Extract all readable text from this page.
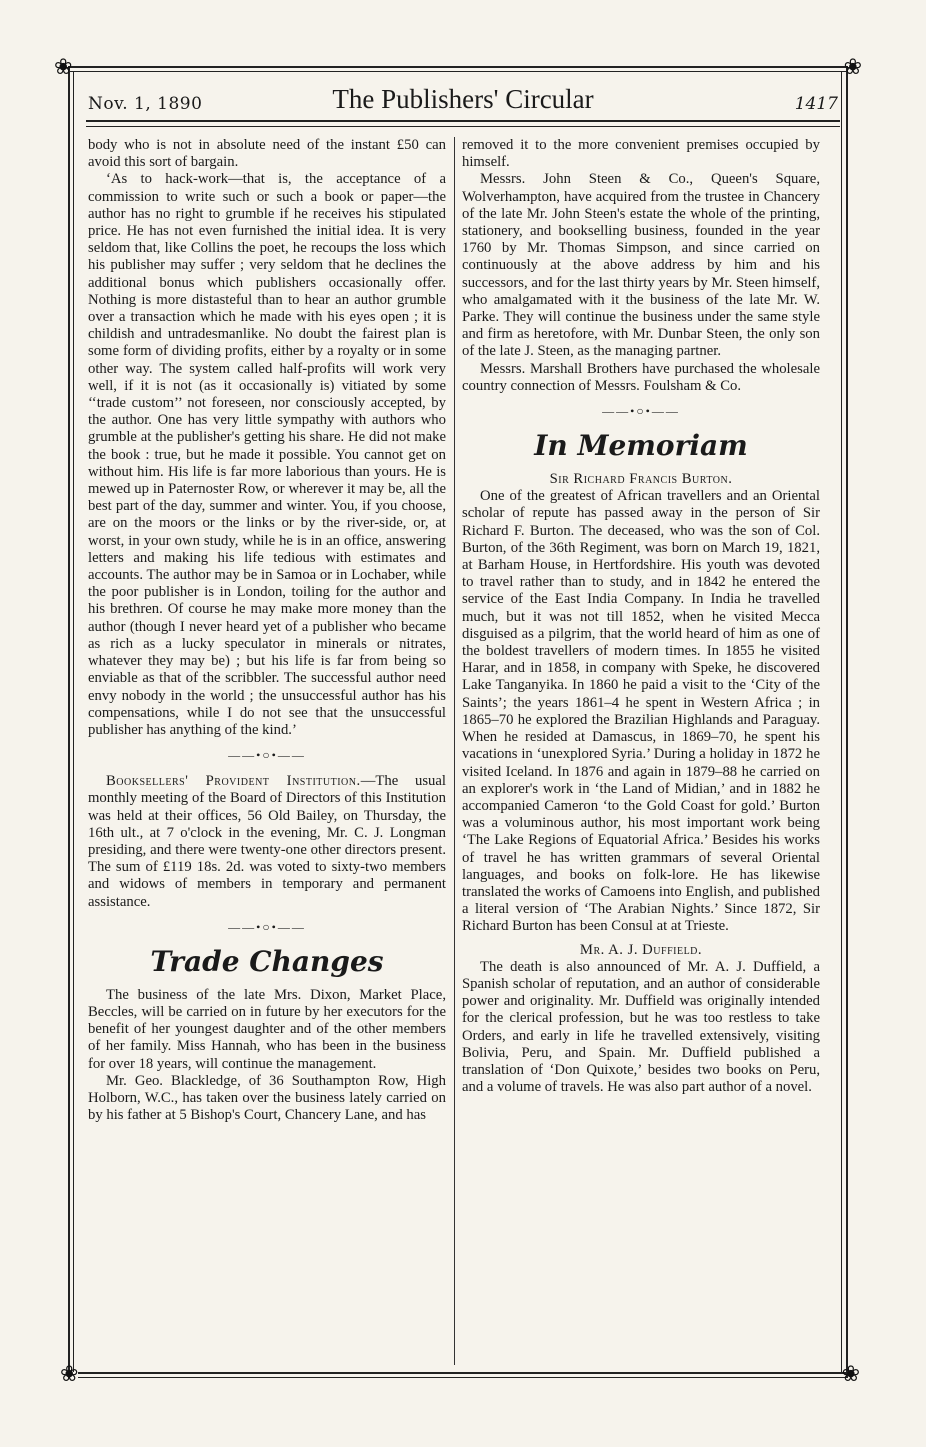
❀	❀
❀	❀
Nov. 1, 1890	The Publishers' Circular	1417

body who is not in absolute need of the instant £50 can avoid this sort of bargain.

‘As to hack-work—that is, the acceptance of a commission to write such or such a book or paper—the author has no right to grumble if he receives his stipulated price. He has not even furnished the initial idea. It is very seldom that, like Collins the poet, he recoups the loss which his publisher may suffer ; very seldom that he declines the additional bonus which publishers occasionally offer. Nothing is more distasteful than to hear an author grumble over a transaction which he made with his eyes open ; it is childish and untradesmanlike. No doubt the fairest plan is some form of dividing profits, either by a royalty or in some other way. The system called half-profits will work very well, if it is not (as it occasionally is) vitiated by some ‘‘trade custom’’ not foreseen, nor consciously accepted, by the author. One has very little sympathy with authors who grumble at the publisher's getting his share. He did not make the book : true, but he made it possible. You cannot get on without him. His life is far more laborious than yours. He is mewed up in Paternoster Row, or wherever it may be, all the best part of the day, summer and winter. You, if you choose, are on the moors or the links or by the river-side, or, at worst, in your own study, while he is in an office, answering letters and making his life tedious with estimates and accounts. The author may be in Samoa or in Lochaber, while the poor publisher is in London, toiling for the author and his brethren. Of course he may make more money than the author (though I never heard yet of a publisher who became as rich as a lucky speculator in minerals or nitrates, whatever they may be) ; but his life is far from being so enviable as that of the scribbler. The successful author need envy nobody in the world ; the unsuccessful author has his compensations, while I do not see that the unsuccessful publisher has anything of the kind.’

——•○•——

Booksellers' Provident Institution.—The usual monthly meeting of the Board of Directors of this Institution was held at their offices, 56 Old Bailey, on Thursday, the 16th ult., at 7 o'clock in the evening, Mr. C. J. Longman presiding, and there were twenty-one other directors present. The sum of £119 18s. 2d. was voted to sixty-two members and widows of members in temporary and permanent assistance.

——•○•——
Trade Changes

The business of the late Mrs. Dixon, Market Place, Beccles, will be carried on in future by her executors for the benefit of her youngest daughter and of the other members of her family. Miss Hannah, who has been in the business for over 18 years, will continue the management.

Mr. Geo. Blackledge, of 36 Southampton Row, High Holborn, W.C., has taken over the business lately carried on by his father at 5 Bishop's Court, Chancery Lane, and has

removed it to the more convenient premises occupied by himself.

Messrs. John Steen & Co., Queen's Square, Wolverhampton, have acquired from the trustee in Chancery of the late Mr. John Steen's estate the whole of the printing, stationery, and bookselling business, founded in the year 1760 by Mr. Thomas Simpson, and since carried on continuously at the above address by him and his successors, and for the last thirty years by Mr. Steen himself, who amalgamated with it the business of the late Mr. W. Parke. They will continue the business under the same style and firm as heretofore, with Mr. Dunbar Steen, the only son of the late J. Steen, as the managing partner.

Messrs. Marshall Brothers have purchased the wholesale country connection of Messrs. Foulsham & Co.

——•○•——
In Memoriam

Sir Richard Francis Burton.

One of the greatest of African travellers and an Oriental scholar of repute has passed away in the person of Sir Richard F. Burton. The deceased, who was the son of Col. Burton, of the 36th Regiment, was born on March 19, 1821, at Barham House, in Hertfordshire. His youth was devoted to travel rather than to study, and in 1842 he entered the service of the East India Company. In India he travelled much, but it was not till 1852, when he visited Mecca disguised as a pilgrim, that the world heard of him as one of the boldest travellers of modern times. In 1855 he visited Harar, and in 1858, in company with Speke, he discovered Lake Tanganyika. In 1860 he paid a visit to the ‘City of the Saints’; the years 1861–4 he spent in Western Africa ; in 1865–70 he explored the Brazilian Highlands and Paraguay. When he resided at Damascus, in 1869–70, he spent his vacations in ‘unexplored Syria.’ During a holiday in 1872 he visited Iceland. In 1876 and again in 1879–88 he carried on an explorer's work in ‘the Land of Midian,’ and in 1882 he accompanied Cameron ‘to the Gold Coast for gold.’ Burton was a voluminous author, his most important work being ‘The Lake Regions of Equatorial Africa.’ Besides his works of travel he has written grammars of several Oriental languages, and books on folk-lore. He has likewise translated the works of Camoens into English, and published a literal version of ‘The Arabian Nights.’ Since 1872, Sir Richard Burton has been Consul at at Trieste.

Mr. A. J. Duffield.

The death is also announced of Mr. A. J. Duffield, a Spanish scholar of reputation, and an author of considerable power and originality. Mr. Duffield was originally intended for the clerical profession, but he was too restless to take Orders, and early in life he travelled extensively, visiting Bolivia, Peru, and Spain. Mr. Duffield published a translation of ‘Don Quixote,’ besides two books on Peru, and a volume of travels. He was also part author of a novel.
